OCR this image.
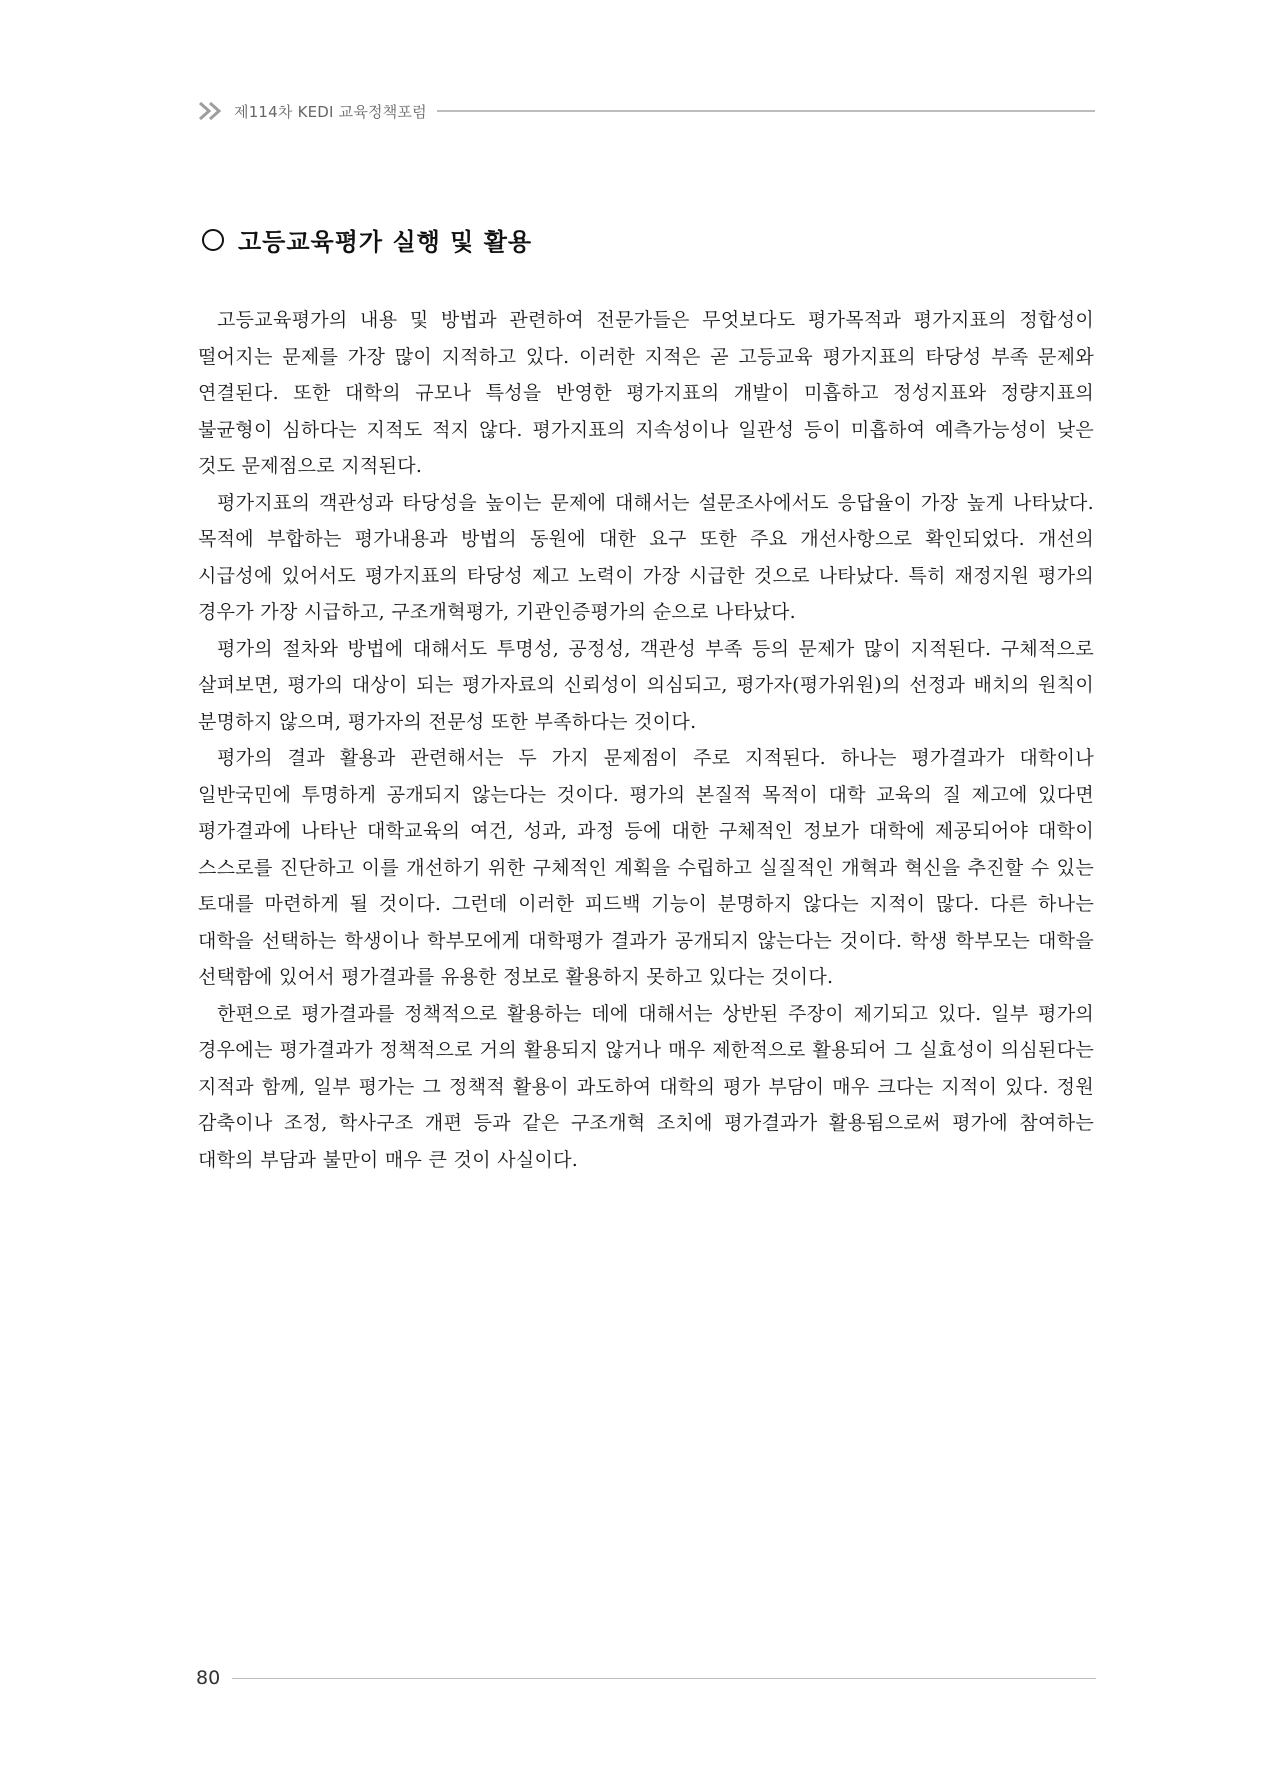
제114차 KEDI 교육정책포럼
고등교육평가 실행 및 활용

고등교육평가의 내용 및 방법과 관련하여 전문가들은 무엇보다도 평가목적과 평가지표의 정합성이 떨어지는 문제를 가장 많이 지적하고 있다. 이러한 지적은 곧 고등교육 평가지표의 타당성 부족 문제와 연결된다. 또한 대학의 규모나 특성을 반영한 평가지표의 개발이 미흡하고 정성지표와 정량지표의 불균형이 심하다는 지적도 적지 않다. 평가지표의 지속성이나 일관성 등이 미흡하여 예측가능성이 낮은 것도 문제점으로 지적된다.

평가지표의 객관성과 타당성을 높이는 문제에 대해서는 설문조사에서도 응답율이 가장 높게 나타났다. 목적에 부합하는 평가내용과 방법의 동원에 대한 요구 또한 주요 개선사항으로 확인되었다. 개선의 시급성에 있어서도 평가지표의 타당성 제고 노력이 가장 시급한 것으로 나타났다. 특히 재정지원 평가의 경우가 가장 시급하고, 구조개혁평가, 기관인증평가의 순으로 나타났다.

평가의 절차와 방법에 대해서도 투명성, 공정성, 객관성 부족 등의 문제가 많이 지적된다. 구체적으로 살펴보면, 평가의 대상이 되는 평가자료의 신뢰성이 의심되고, 평가자(평가위원)의 선정과 배치의 원칙이 분명하지 않으며, 평가자의 전문성 또한 부족하다는 것이다.

평가의 결과 활용과 관련해서는 두 가지 문제점이 주로 지적된다. 하나는 평가결과가 대학이나 일반국민에 투명하게 공개되지 않는다는 것이다. 평가의 본질적 목적이 대학 교육의 질 제고에 있다면 평가결과에 나타난 대학교육의 여건, 성과, 과정 등에 대한 구체적인 정보가 대학에 제공되어야 대학이 스스로를 진단하고 이를 개선하기 위한 구체적인 계획을 수립하고 실질적인 개혁과 혁신을 추진할 수 있는 토대를 마련하게 될 것이다. 그런데 이러한 피드백 기능이 분명하지 않다는 지적이 많다. 다른 하나는 대학을 선택하는 학생이나 학부모에게 대학평가 결과가 공개되지 않는다는 것이다. 학생 학부모는 대학을 선택함에 있어서 평가결과를 유용한 정보로 활용하지 못하고 있다는 것이다.

한편으로 평가결과를 정책적으로 활용하는 데에 대해서는 상반된 주장이 제기되고 있다. 일부 평가의 경우에는 평가결과가 정책적으로 거의 활용되지 않거나 매우 제한적으로 활용되어 그 실효성이 의심된다는 지적과 함께, 일부 평가는 그 정책적 활용이 과도하여 대학의 평가 부담이 매우 크다는 지적이 있다. 정원 감축이나 조정, 학사구조 개편 등과 같은 구조개혁 조치에 평가결과가 활용됨으로써 평가에 참여하는 대학의 부담과 불만이 매우 큰 것이 사실이다.

80
